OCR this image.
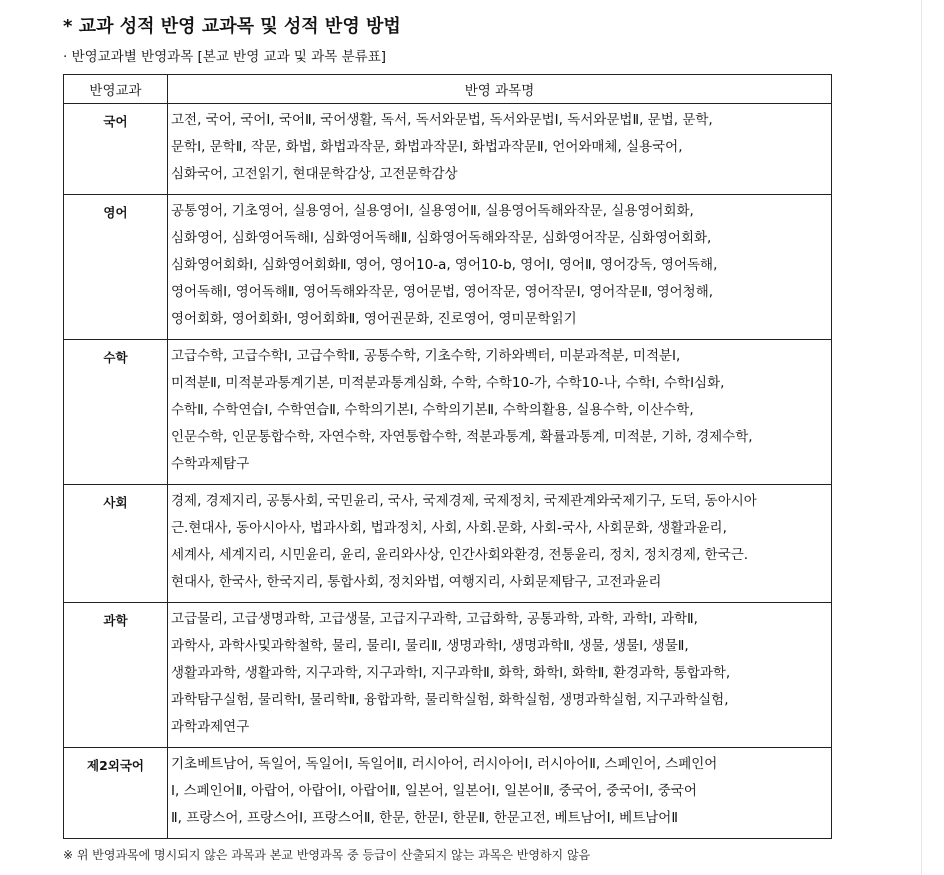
* 교과 성적 반영 교과목 및 성적 반영 방법
· 반영교과별 반영과목 [본교 반영 교과 및 과목 분류표]
반영교과	반영 과목명
국어	고전, 국어, 국어Ⅰ, 국어Ⅱ, 국어생활, 독서, 독서와문법, 독서와문법Ⅰ, 독서와문법Ⅱ, 문법, 문학,
문학Ⅰ, 문학Ⅱ, 작문, 화법, 화법과작문, 화법과작문Ⅰ, 화법과작문Ⅱ, 언어와매체, 실용국어,
심화국어, 고전읽기, 현대문학감상, 고전문학감상

영어	공통영어, 기초영어, 실용영어, 실용영어Ⅰ, 실용영어Ⅱ, 실용영어독해와작문, 실용영어회화,
심화영어, 심화영어독해Ⅰ, 심화영어독해Ⅱ, 심화영어독해와작문, 심화영어작문, 심화영어회화,
심화영어회화Ⅰ, 심화영어회화Ⅱ, 영어, 영어10-a, 영어10-b, 영어Ⅰ, 영어Ⅱ, 영어강독, 영어독해,
영어독해Ⅰ, 영어독해Ⅱ, 영어독해와작문, 영어문법, 영어작문, 영어작문Ⅰ, 영어작문Ⅱ, 영어청해,
영어회화, 영어회화Ⅰ, 영어회화Ⅱ, 영어권문화, 진로영어, 영미문학읽기

수학	고급수학, 고급수학Ⅰ, 고급수학Ⅱ, 공통수학, 기초수학, 기하와벡터, 미분과적분, 미적분Ⅰ,
미적분Ⅱ, 미적분과통계기본, 미적분과통계심화, 수학, 수학10-가, 수학10-나, 수학Ⅰ, 수학Ⅰ심화,
수학Ⅱ, 수학연습Ⅰ, 수학연습Ⅱ, 수학의기본Ⅰ, 수학의기본Ⅱ, 수학의활용, 실용수학, 이산수학,
인문수학, 인문통합수학, 자연수학, 자연통합수학, 적분과통계, 확률과통계, 미적분, 기하, 경제수학,
수학과제탐구

사회	경제, 경제지리, 공통사회, 국민윤리, 국사, 국제경제, 국제정치, 국제관계와국제기구, 도덕, 동아시아
근.현대사, 동아시아사, 법과사회, 법과정치, 사회, 사회.문화, 사회-국사, 사회문화, 생활과윤리,
세계사, 세계지리, 시민윤리, 윤리, 윤리와사상, 인간사회와환경, 전통윤리, 정치, 정치경제, 한국근.
현대사, 한국사, 한국지리, 통합사회, 정치와법, 여행지리, 사회문제탐구, 고전과윤리

과학	고급물리, 고급생명과학, 고급생물, 고급지구과학, 고급화학, 공통과학, 과학, 과학Ⅰ, 과학Ⅱ,
과학사, 과학사및과학철학, 물리, 물리Ⅰ, 물리Ⅱ, 생명과학Ⅰ, 생명과학Ⅱ, 생물, 생물Ⅰ, 생물Ⅱ,
생활과과학, 생활과학, 지구과학, 지구과학Ⅰ, 지구과학Ⅱ, 화학, 화학Ⅰ, 화학Ⅱ, 환경과학, 통합과학,
과학탐구실험, 물리학Ⅰ, 물리학Ⅱ, 융합과학, 물리학실험, 화학실험, 생명과학실험, 지구과학실험,
과학과제연구

제2외국어	기초베트남어, 독일어, 독일어Ⅰ, 독일어Ⅱ, 러시아어, 러시아어Ⅰ, 러시아어Ⅱ, 스페인어, 스페인어
Ⅰ, 스페인어Ⅱ, 아랍어, 아랍어Ⅰ, 아랍어Ⅱ, 일본어, 일본어Ⅰ, 일본어Ⅱ, 중국어, 중국어Ⅰ, 중국어
Ⅱ, 프랑스어, 프랑스어Ⅰ, 프랑스어Ⅱ, 한문, 한문Ⅰ, 한문Ⅱ, 한문고전, 베트남어Ⅰ, 베트남어Ⅱ
※ 위 반영과목에 명시되지 않은 과목과 본교 반영과목 중 등급이 산출되지 않는 과목은 반영하지 않음
